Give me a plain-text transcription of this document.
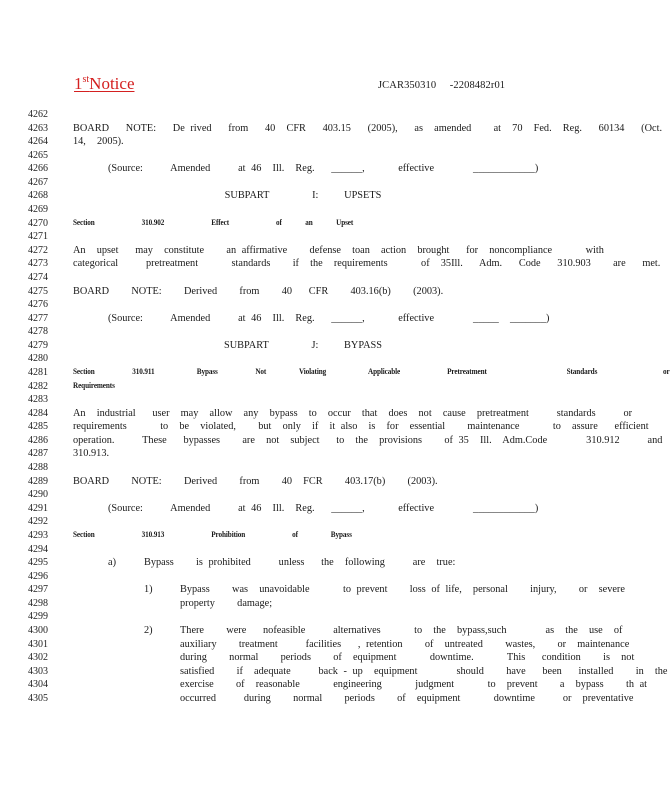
1stNotice	JCAR350310     -2208482r01
4262
4263	BOARD   NOTE:   De rived   from   40  CFR   403.15   (2005),   as  amended    at  70  Fed.  Reg.   60134   (Oct.
4264	14,  2005).
4265
4266	(Source:     Amended     at 46  Ill.  Reg.   ______,      effective       ____________)
4267
4268	SUBPART     I:   UPSETS
4269
4270	Section          310.902          Effect          of     an     Upset
4271
4272	An  upset   may  constitute    an affirmative    defense  toan  action  brought   for  noncompliance      with
4273	categorical     pretreatment      standards    if  the  requirements      of  35Ill.   Adm.   Code   310.903    are   met.
4274
4275	BOARD    NOTE:    Derived    from    40   CFR    403.16(b)    (2003).
4276
4277	(Source:     Amended     at 46  Ill.  Reg.   ______,      effective       _____  _______)
4278
4279	SUBPART     J:   BYPASS
4280
4281	Section        310.911         Bypass        Not       Violating         Applicable          Pretreatment                 Standards              or
4282	Requirements
4283
4284	An  industrial   user  may  allow  any  bypass  to  occur  that  does  not  cause  pretreatment     standards     or
4285	requirements      to  be  violated,    but  only  if  it also  is  for  essential    maintenance      to  assure   efficient
4286	operation.     These   bypasses    are  not  subject   to  the  provisions    of 35  Ill.  Adm.Code       310.912     and
4287	310.913.
4288
4289	BOARD    NOTE:    Derived    from    40  FCR    403.17(b)    (2003).
4290
4291	(Source:     Amended     at 46  Ill.  Reg.   ______,      effective       ____________)
4292
4293	Section          310.913          Prohibition          of       Bypass
4294
4295	a)	Bypass    is prohibited     unless   the  following     are  true:
4296
4297	1)	Bypass    was  unavoidable      to prevent    loss of life,  personal    injury,    or  severe
4298	property    damage;
4299
4300	2)	There    were   nofeasible     alternatives      to  the  bypass,such       as  the  use  of
4301	auxiliary    treatment     facilities   , retention    of  untreated    wastes,    or  maintenance
4302	during    normal    periods    of  equipment      downtime.      This   condition    is  not
4303	satisfied    if  adequate     back - up  equipment       should    have   been   installed    in  the
4304	exercise    of  reasonable      engineering      judgment      to  prevent    a  bypass    th at
4305	occurred     during    normal    periods    of  equipment      downtime     or  preventative
